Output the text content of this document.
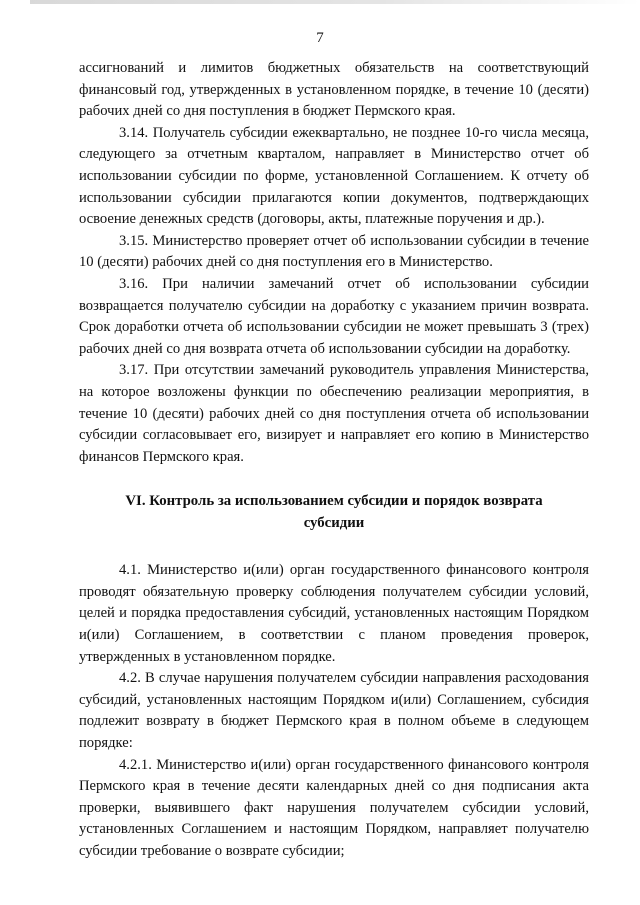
7

ассигнований и лимитов бюджетных обязательств на соответствующий финансовый год, утвержденных в установленном порядке, в течение 10 (десяти) рабочих дней со дня поступления в бюджет Пермского края.

3.14. Получатель субсидии ежеквартально, не позднее 10-го числа месяца, следующего за отчетным кварталом, направляет в Министерство отчет об использовании субсидии по форме, установленной Соглашением. К отчету об использовании субсидии прилагаются копии документов, подтверждающих освоение денежных средств (договоры, акты, платежные поручения и др.).

3.15. Министерство проверяет отчет об использовании субсидии в течение 10 (десяти) рабочих дней со дня поступления его в Министерство.

3.16. При наличии замечаний отчет об использовании субсидии возвращается получателю субсидии на доработку с указанием причин возврата. Срок доработки отчета об использовании субсидии не может превышать 3 (трех) рабочих дней со дня возврата отчета об использовании субсидии на доработку.

3.17. При отсутствии замечаний руководитель управления Министерства, на которое возложены функции по обеспечению реализации мероприятия, в течение 10 (десяти) рабочих дней со дня поступления отчета об использовании субсидии согласовывает его, визирует и направляет его копию в Министерство финансов Пермского края.

VI. Контроль за использованием субсидии и порядок возврата
субсидии

4.1. Министерство и(или) орган государственного финансового контроля проводят обязательную проверку соблюдения получателем субсидии условий, целей и порядка предоставления субсидий, установленных настоящим Порядком и(или) Соглашением, в соответствии с планом проведения проверок, утвержденных в установленном порядке.

4.2. В случае нарушения получателем субсидии направления расходования субсидий, установленных настоящим Порядком и(или) Соглашением, субсидия подлежит возврату в бюджет Пермского края в полном объеме в следующем порядке:

4.2.1. Министерство и(или) орган государственного финансового контроля Пермского края в течение десяти календарных дней со дня подписания акта проверки, выявившего факт нарушения получателем субсидии условий, установленных Соглашением и настоящим Порядком, направляет получателю субсидии требование о возврате субсидии;
